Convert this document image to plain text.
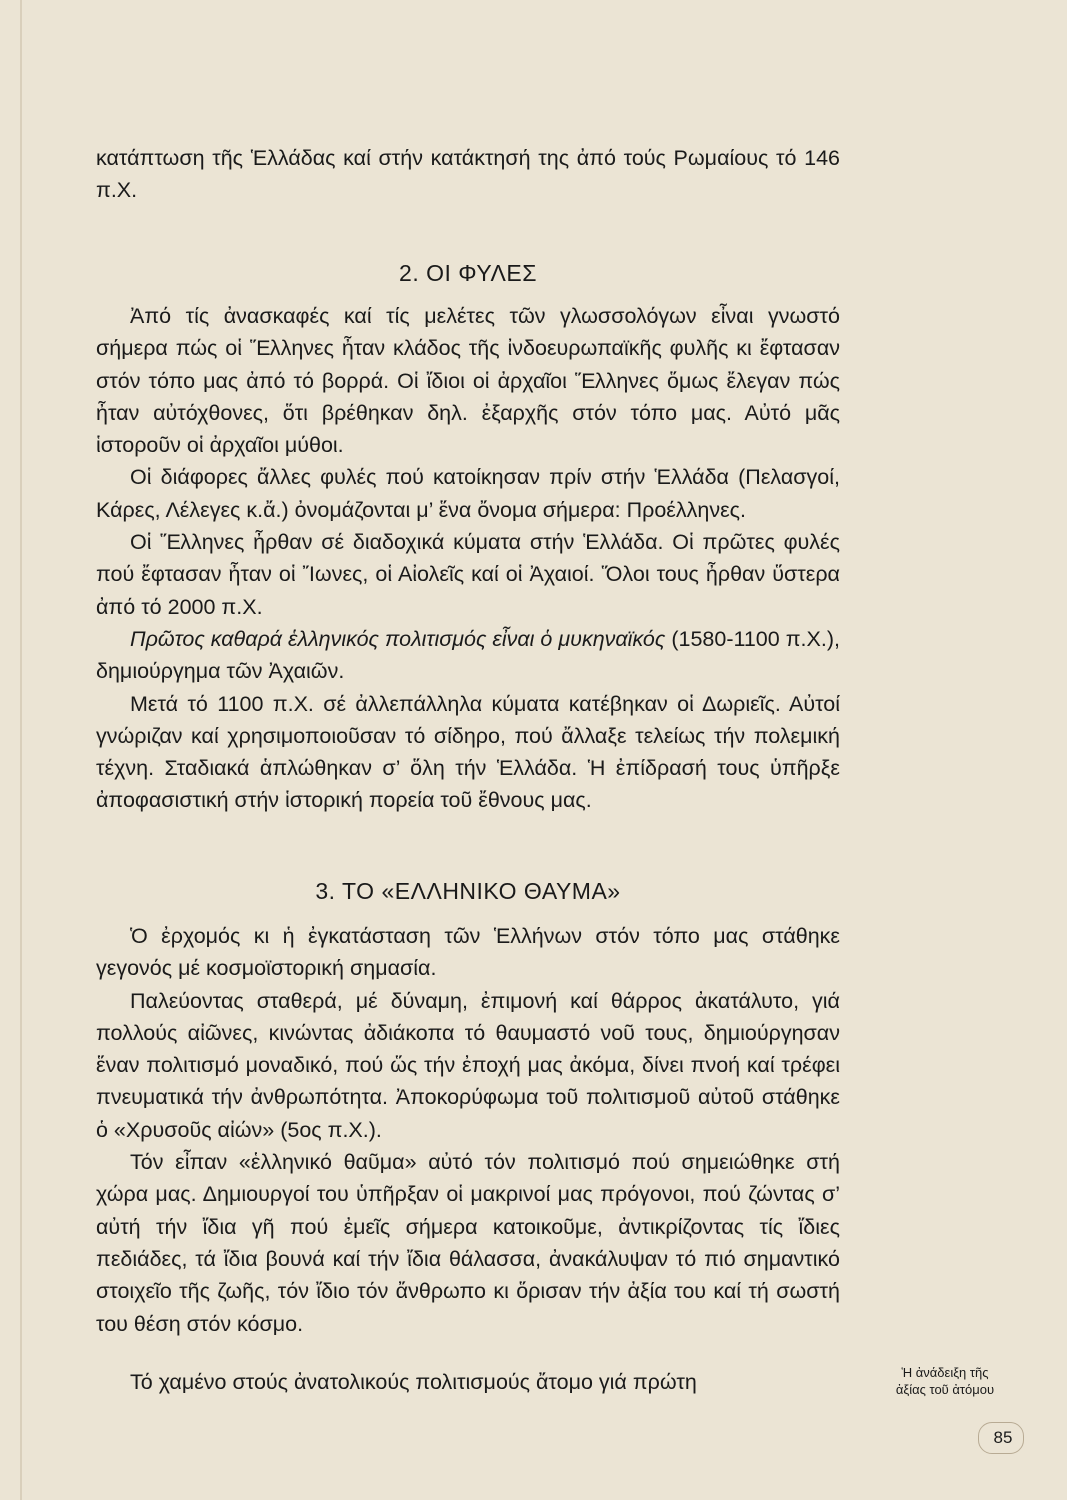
κατάπτωση τῆς Ἑλλάδας καί στήν κατάκτησή της ἀπό τούς Ρωμαίους τό 146 π.Χ.

2. ΟΙ ΦΥΛΕΣ

Ἀπό τίς ἀνασκαφές καί τίς μελέτες τῶν γλωσσολόγων εἶναι γνωστό σήμερα πώς οἱ Ἕλληνες ἦταν κλάδος τῆς ἰνδοευρωπαϊκῆς φυλῆς κι ἔφτασαν στόν τόπο μας ἀπό τό βορρά. Οἱ ἴδιοι οἱ ἀρχαῖοι Ἕλληνες ὅμως ἔλεγαν πώς ἦταν αὐτόχθονες, ὅτι βρέθηκαν δηλ. ἐξαρχῆς στόν τόπο μας. Αὐτό μᾶς ἱστοροῦν οἱ ἀρχαῖοι μύθοι.

Οἱ διάφορες ἄλλες φυλές πού κατοίκησαν πρίν στήν Ἑλλάδα (Πελασγοί, Κάρες, Λέλεγες κ.ἄ.) ὀνομάζονται μ’ ἕνα ὄνομα σήμερα: Προέλληνες.

Οἱ Ἕλληνες ἦρθαν σέ διαδοχικά κύματα στήν Ἑλλάδα. Οἱ πρῶτες φυλές πού ἔφτασαν ἦταν οἱ Ἴωνες, οἱ Αἰολεῖς καί οἱ Ἀχαιοί. Ὅλοι τους ἦρθαν ὕστερα ἀπό τό 2000 π.Χ.

Πρῶτος καθαρά ἑλληνικός πολιτισμός εἶναι ὁ μυκηναϊκός (1580-1100 π.Χ.), δημιούργημα τῶν Ἀχαιῶν.

Μετά τό 1100 π.Χ. σέ ἀλλεπάλληλα κύματα κατέβηκαν οἱ Δωριεῖς. Αὐτοί γνώριζαν καί χρησιμοποιοῦσαν τό σίδηρο, πού ἄλλαξε τελείως τήν πολεμική τέχνη. Σταδιακά ἁπλώθηκαν σ’ ὅλη τήν Ἑλλάδα. Ἡ ἐπίδρασή τους ὑπῆρξε ἀποφασιστική στήν ἱστορική πορεία τοῦ ἔθνους μας.

3. ΤΟ «ΕΛΛΗΝΙΚΟ ΘΑΥΜΑ»

Ὁ ἐρχομός κι ἡ ἐγκατάσταση τῶν Ἑλλήνων στόν τόπο μας στάθηκε γεγονός μέ κοσμοϊστορική σημασία.

Παλεύοντας σταθερά, μέ δύναμη, ἐπιμονή καί θάρρος ἀκατάλυτο, γιά πολλούς αἰῶνες, κινώντας ἀδιάκοπα τό θαυμαστό νοῦ τους, δημιούργησαν ἕναν πολιτισμό μοναδικό, πού ὥς τήν ἐποχή μας ἀκόμα, δίνει πνοή καί τρέφει πνευματικά τήν ἀνθρωπότητα. Ἀποκορύφωμα τοῦ πολιτισμοῦ αὐτοῦ στάθηκε ὁ «Χρυσοῦς αἰών» (5ος π.Χ.).

Τόν εἶπαν «ἑλληνικό θαῦμα» αὐτό τόν πολιτισμό πού σημειώθηκε στή χώρα μας. Δημιουργοί του ὑπῆρξαν οἱ μακρινοί μας πρόγονοι, πού ζώντας σ’ αὐτή τήν ἴδια γῆ πού ἐμεῖς σήμερα κατοικοῦμε, ἀντικρίζοντας τίς ἴδιες πεδιάδες, τά ἴδια βουνά καί τήν ἴδια θάλασσα, ἀνακάλυψαν τό πιό σημαντικό στοιχεῖο τῆς ζωῆς, τόν ἴδιο τόν ἄνθρωπο κι ὅρισαν τήν ἀξία του καί τή σωστή του θέση στόν κόσμο.

Τό χαμένο στούς ἀνατολικούς πολιτισμούς ἄτομο γιά πρώτη	Ἡ ἀνάδειξη τῆς
ἀξίας τοῦ ἀτόμου
85
